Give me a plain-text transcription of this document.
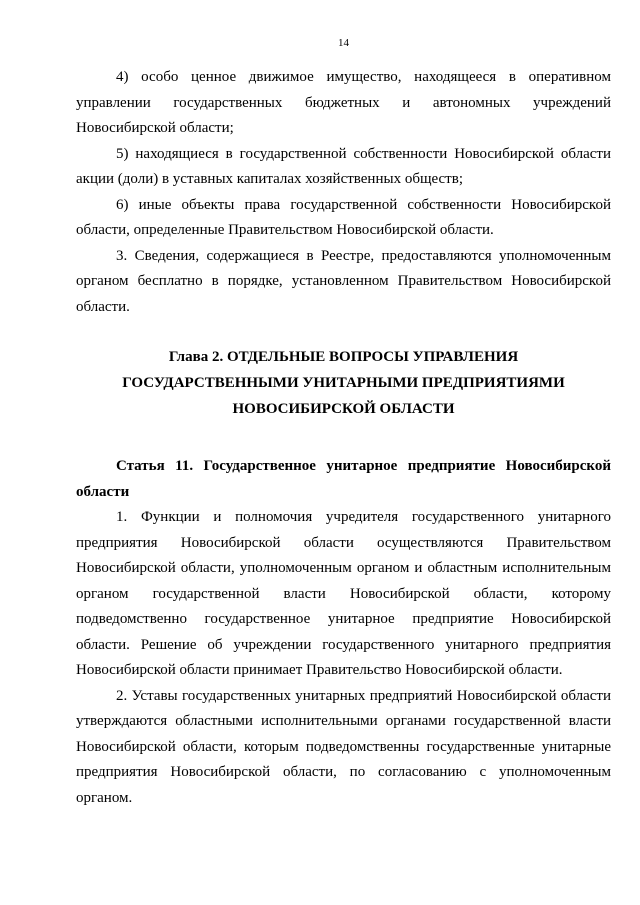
14

4) особо ценное движимое имущество, находящееся в оперативном управлении государственных бюджетных и автономных учреждений Новосибирской области;

5) находящиеся в государственной собственности Новосибирской области акции (доли) в уставных капиталах хозяйственных обществ;

6) иные объекты права государственной собственности Новосибирской области, определенные Правительством Новосибирской области.

3. Сведения, содержащиеся в Реестре, предоставляются уполномоченным органом бесплатно в порядке, установленном Правительством Новосибирской области.

Глава 2. ОТДЕЛЬНЫЕ ВОПРОСЫ УПРАВЛЕНИЯ
ГОСУДАРСТВЕННЫМИ УНИТАРНЫМИ ПРЕДПРИЯТИЯМИ
НОВОСИБИРСКОЙ ОБЛАСТИ

Статья 11. Государственное унитарное предприятие Новосибирской области

1. Функции и полномочия учредителя государственного унитарного предприятия Новосибирской области осуществляются Правительством Новосибирской области, уполномоченным органом и областным исполнительным органом государственной власти Новосибирской области, которому подведомственно государственное унитарное предприятие Новосибирской области. Решение об учреждении государственного унитарного предприятия Новосибирской области принимает Правительство Новосибирской области.

2. Уставы государственных унитарных предприятий Новосибирской области утверждаются областными исполнительными органами государственной власти Новосибирской области, которым подведомственны государственные унитарные предприятия Новосибирской области, по согласованию с уполномоченным органом.
